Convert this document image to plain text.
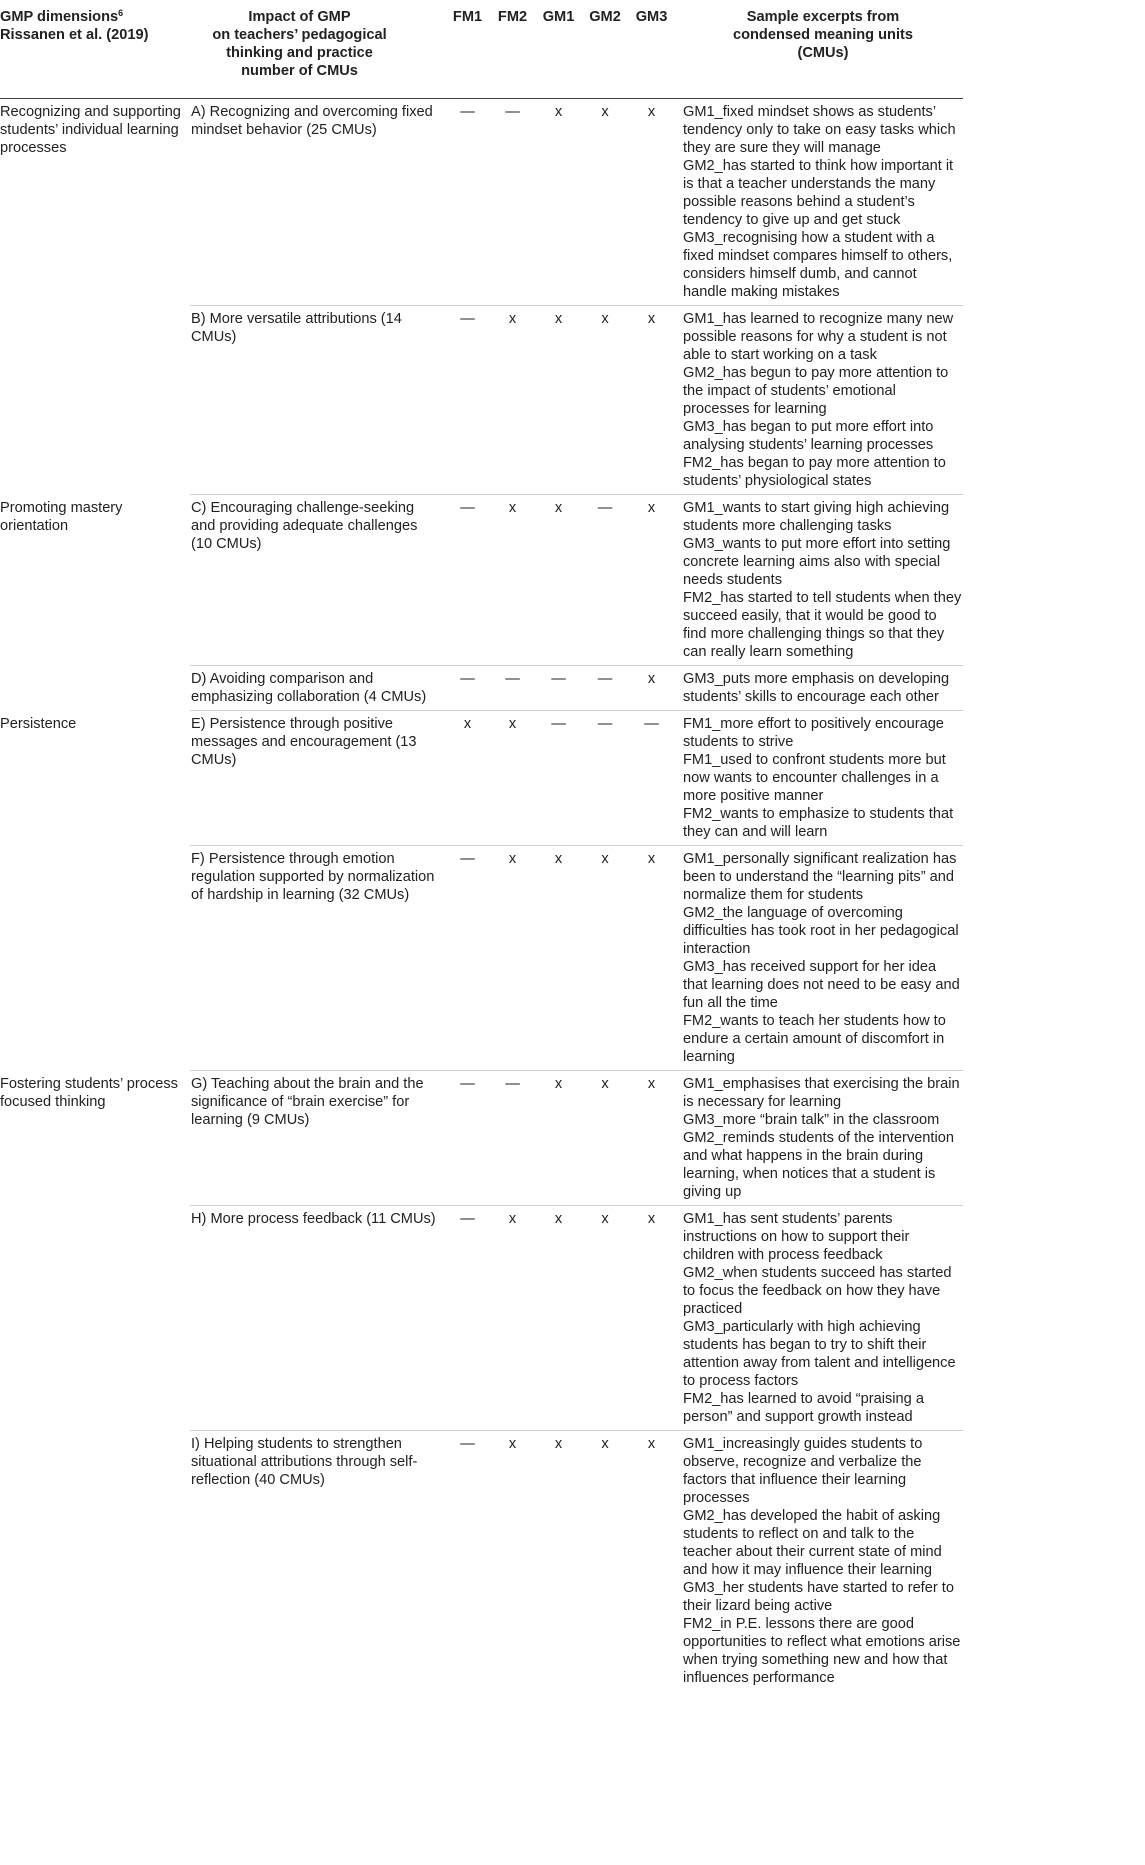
GMP dimensions$^6$
Rissanen et al. (2019)	Impact of GMP
on teachers’ pedagogical
thinking and practice
number of CMUs	FM1	FM2	GM1	GM2	GM3	Sample excerpts from
condensed meaning units
(CMUs)
Recognizing and supporting students’ individual learning processes	A) Recognizing and overcoming fixed mindset behavior (25 CMUs)	—	—	x	x	x	GM1_fixed mindset shows as students’ tendency only to take on easy tasks which they are sure they will manage
GM2_has started to think how important it is that a teacher understands the many possible reasons behind a student’s tendency to give up and get stuck
GM3_recognising how a student with a fixed mindset compares himself to others, considers himself dumb, and cannot handle making mistakes

	B) More versatile attributions (14 CMUs)	—	x	x	x	x	GM1_has learned to recognize many new possible reasons for why a student is not able to start working on a task
GM2_has begun to pay more attention to the impact of students’ emotional processes for learning
GM3_has began to put more effort into analysing students’ learning processes
FM2_has began to pay more attention to students’ physiological states

Promoting mastery orientation	C) Encouraging challenge-seeking and providing adequate challenges (10 CMUs)	—	x	x	—	x	GM1_wants to start giving high achieving students more challenging tasks
GM3_wants to put more effort into setting concrete learning aims also with special needs students
FM2_has started to tell students when they succeed easily, that it would be good to find more challenging things so that they can really learn something

	D) Avoiding comparison and emphasizing collaboration (4 CMUs)	—	—	—	—	x	GM3_puts more emphasis on developing students’ skills to encourage each other

Persistence	E) Persistence through positive messages and encouragement (13 CMUs)	x	x	—	—	—	FM1_more effort to positively encourage students to strive
FM1_used to confront students more but now wants to encounter challenges in a more positive manner
FM2_wants to emphasize to students that they can and will learn

	F) Persistence through emotion regulation supported by normalization of hardship in learning (32 CMUs)	—	x	x	x	x	GM1_personally significant realization has been to understand the “learning pits” and normalize them for students
GM2_the language of overcoming difficulties has took root in her pedagogical interaction
GM3_has received support for her idea that learning does not need to be easy and fun all the time
FM2_wants to teach her students how to endure a certain amount of discomfort in learning

Fostering students’ process focused thinking	G) Teaching about the brain and the significance of “brain exercise” for learning (9 CMUs)	—	—	x	x	x	GM1_emphasises that exercising the brain is necessary for learning
GM3_more “brain talk” in the classroom
GM2_reminds students of the intervention and what happens in the brain during learning, when notices that a student is giving up

	H) More process feedback (11 CMUs)	—	x	x	x	x	GM1_has sent students’ parents instructions on how to support their children with process feedback
GM2_when students succeed has started to focus the feedback on how they have practiced
GM3_particularly with high achieving students has began to try to shift their attention away from talent and intelligence to process factors
FM2_has learned to avoid “praising a person” and support growth instead

	I) Helping students to strengthen situational attributions through self-reflection (40 CMUs)	—	x	x	x	x	GM1_increasingly guides students to observe, recognize and verbalize the factors that influence their learning processes
GM2_has developed the habit of asking students to reflect on and talk to the teacher about their current state of mind and how it may influence their learning
GM3_her students have started to refer to their lizard being active
FM2_in P.E. lessons there are good opportunities to reflect what emotions arise when trying something new and how that influences performance
